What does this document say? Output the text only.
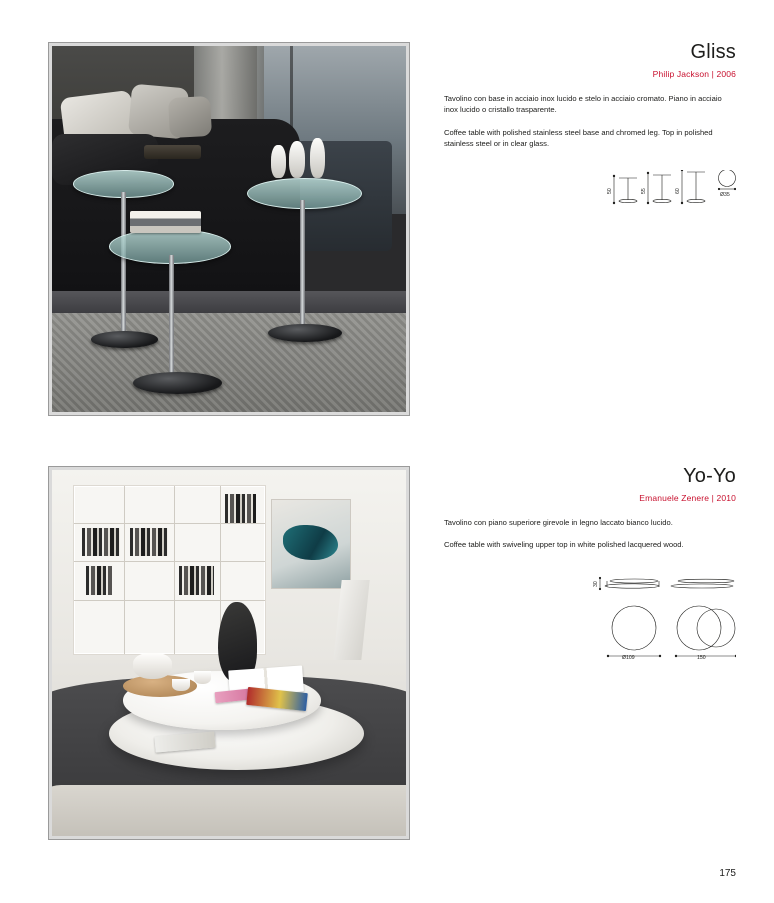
Gliss
Philip Jackson | 2006
Tavolino con base in acciaio inox lucido e stelo in acciaio cromato. Piano in acciaio inox lucido o cristallo trasparente.
Coffee table with polished stainless steel base and chromed leg. Top in polished stainless steel or in clear glass.
50	55	60
Ø35
Yo-Yo
Emanuele Zenere | 2010
Tavolino con piano superiore girevole in legno laccato bianco lucido.
Coffee table with swiveling upper top in white polished lacquered wood.
30
Ø109	150
175
